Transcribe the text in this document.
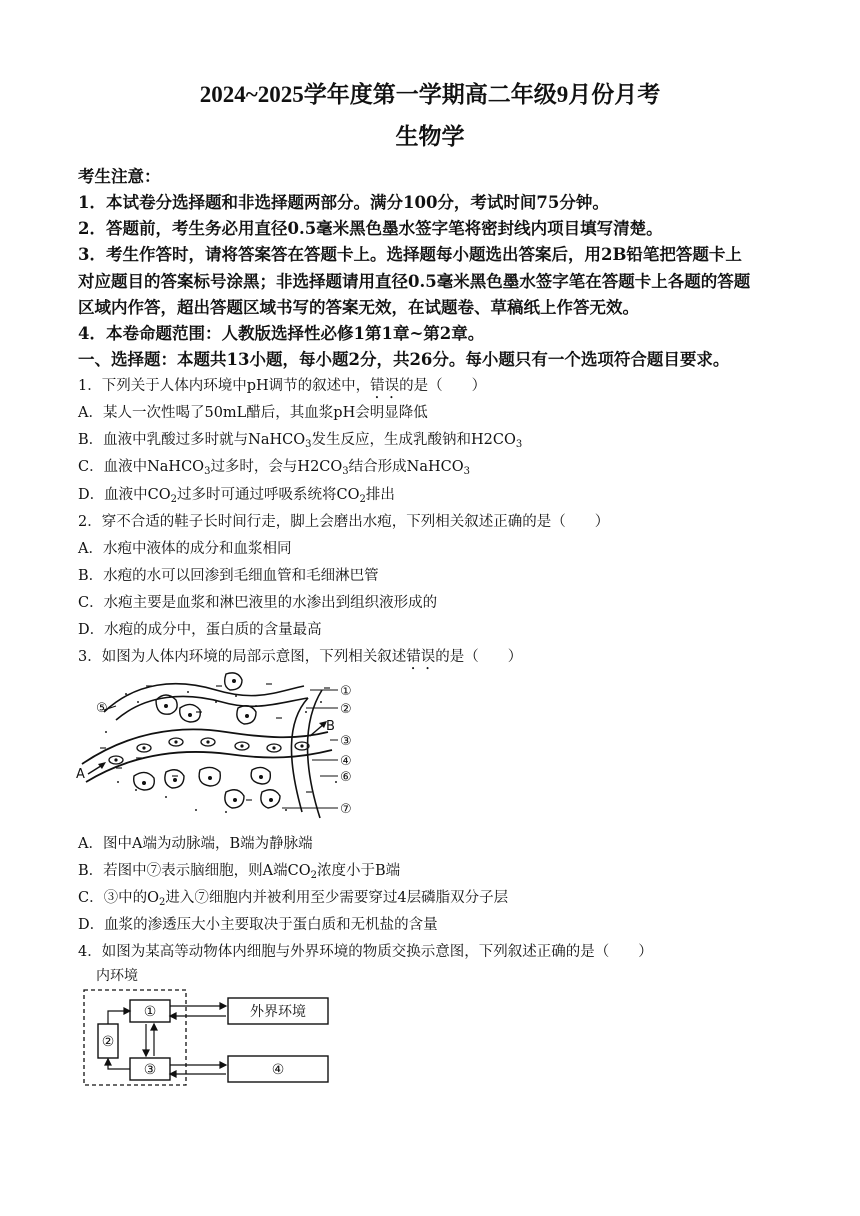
2024~2025学年度第一学期高二年级9月份月考
生物学
考生注意：
1．本试卷分选择题和非选择题两部分。满分100分，考试时间75分钟。
2．答题前，考生务必用直径0.5毫米黑色墨水签字笔将密封线内项目填写清楚。
3．考生作答时，请将答案答在答题卡上。选择题每小题选出答案后，用2B铅笔把答题卡上
对应题目的答案标号涂黑；非选择题请用直径0.5毫米黑色墨水签字笔在答题卡上各题的答题
区域内作答，超出答题区域书写的答案无效，在试题卷、草稿纸上作答无效。
4．本卷命题范围：人教版选择性必修1第1章~第2章。
一、选择题：本题共13小题，每小题2分，共26分。每小题只有一个选项符合题目要求。
1．下列关于人体内环境中pH调节的叙述中，错误的是（　　）
A．某人一次性喝了50mL醋后，其血浆pH会明显降低
B．血液中乳酸过多时就与NaHCO$_3$发生反应，生成乳酸钠和$H2CO_3$
C．血液中NaHCO$_3$过多时，会与$H2CO_3$结合形成NaHCO$_3$
D．血液中$CO_2$过多时可通过呼吸系统将$CO_2$排出
2．穿不合适的鞋子长时间行走，脚上会磨出水疱，下列相关叙述正确的是（　　）
A．水疱中液体的成分和血浆相同
B．水疱的水可以回渗到毛细血管和毛细淋巴管
C．水疱主要是血浆和淋巴液里的水渗出到组织液形成的
D．水疱的成分中，蛋白质的含量最高
3．如图为人体内环境的局部示意图，下列相关叙述错误的是（　　）
①
②
③
④
⑥
⑦
⑤
A
B
A．图中A端为动脉端，B端为静脉端
B．若图中⑦表示脑细胞，则A端$CO_2$浓度小于B端
C．③中的$O_2$进入⑦细胞内并被利用至少需要穿过4层磷脂双分子层
D．血浆的渗透压大小主要取决于蛋白质和无机盐的含量
4．如图为某高等动物体内细胞与外界环境的物质交换示意图，下列叙述正确的是（　　）
内环境
①
②
③
外界环境
④
